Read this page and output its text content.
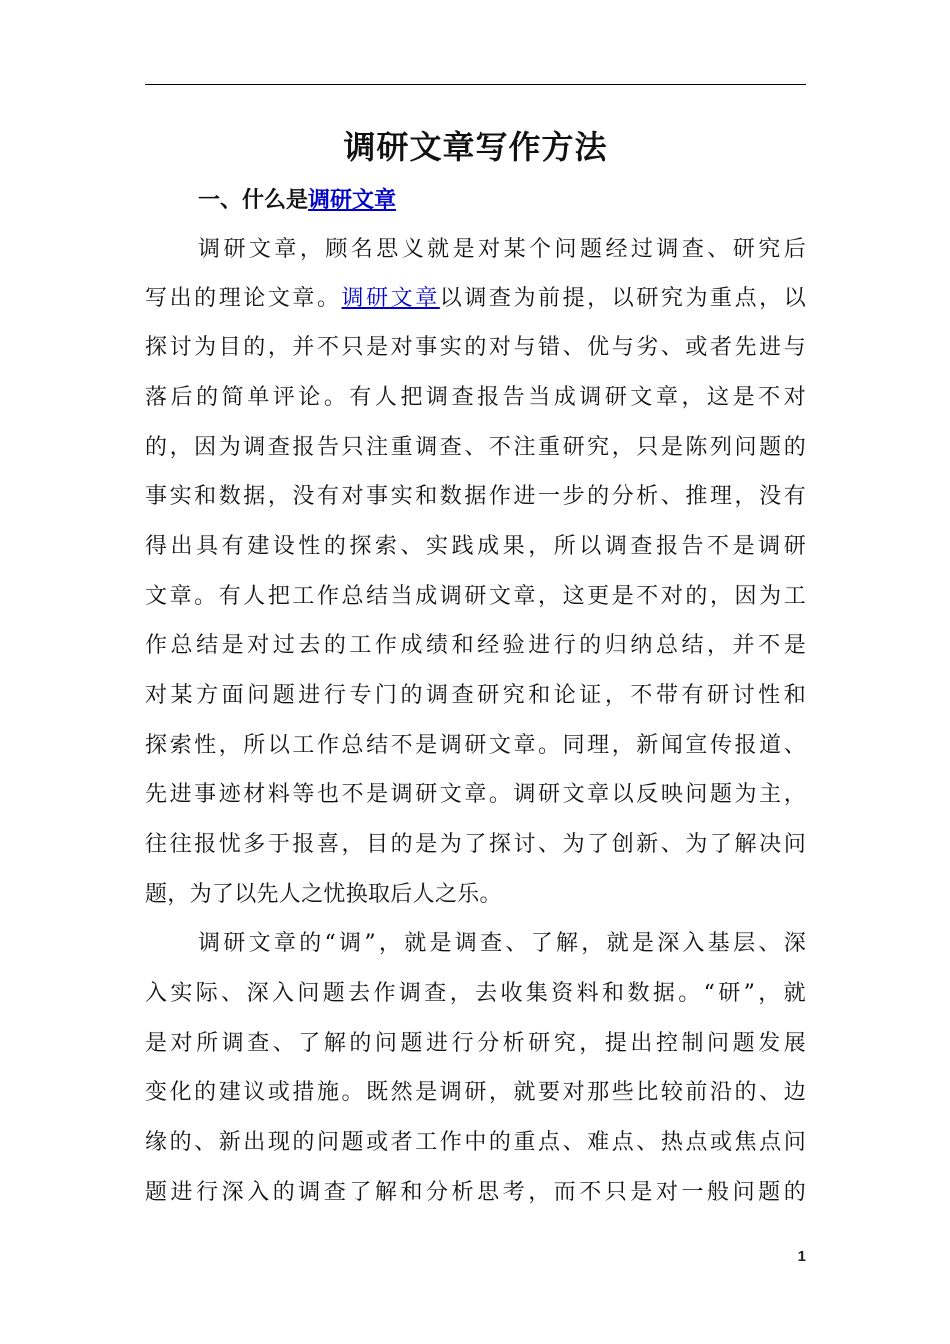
调研文章写作方法
一、什么是调研文章
调研文章，顾名思义就是对某个问题经过调查、研究后
写出的理论文章。调研文章以调查为前提，以研究为重点，以
探讨为目的，并不只是对事实的对与错、优与劣、或者先进与
落后的简单评论。有人把调查报告当成调研文章，这是不对
的，因为调查报告只注重调查、不注重研究，只是陈列问题的
事实和数据，没有对事实和数据作进一步的分析、推理，没有
得出具有建设性的探索、实践成果，所以调查报告不是调研
文章。有人把工作总结当成调研文章，这更是不对的，因为工
作总结是对过去的工作成绩和经验进行的归纳总结，并不是
对某方面问题进行专门的调查研究和论证，不带有研讨性和
探索性，所以工作总结不是调研文章。同理，新闻宣传报道、
先进事迹材料等也不是调研文章。调研文章以反映问题为主，
往往报忧多于报喜，目的是为了探讨、为了创新、为了解决问
题，为了以先人之忧换取后人之乐。
调研文章的“调”，就是调查、了解，就是深入基层、深
入实际、深入问题去作调查，去收集资料和数据。“研”，就
是对所调查、了解的问题进行分析研究，提出控制问题发展
变化的建议或措施。既然是调研，就要对那些比较前沿的、边
缘的、新出现的问题或者工作中的重点、难点、热点或焦点问
题进行深入的调查了解和分析思考，而不只是对一般问题的
1
